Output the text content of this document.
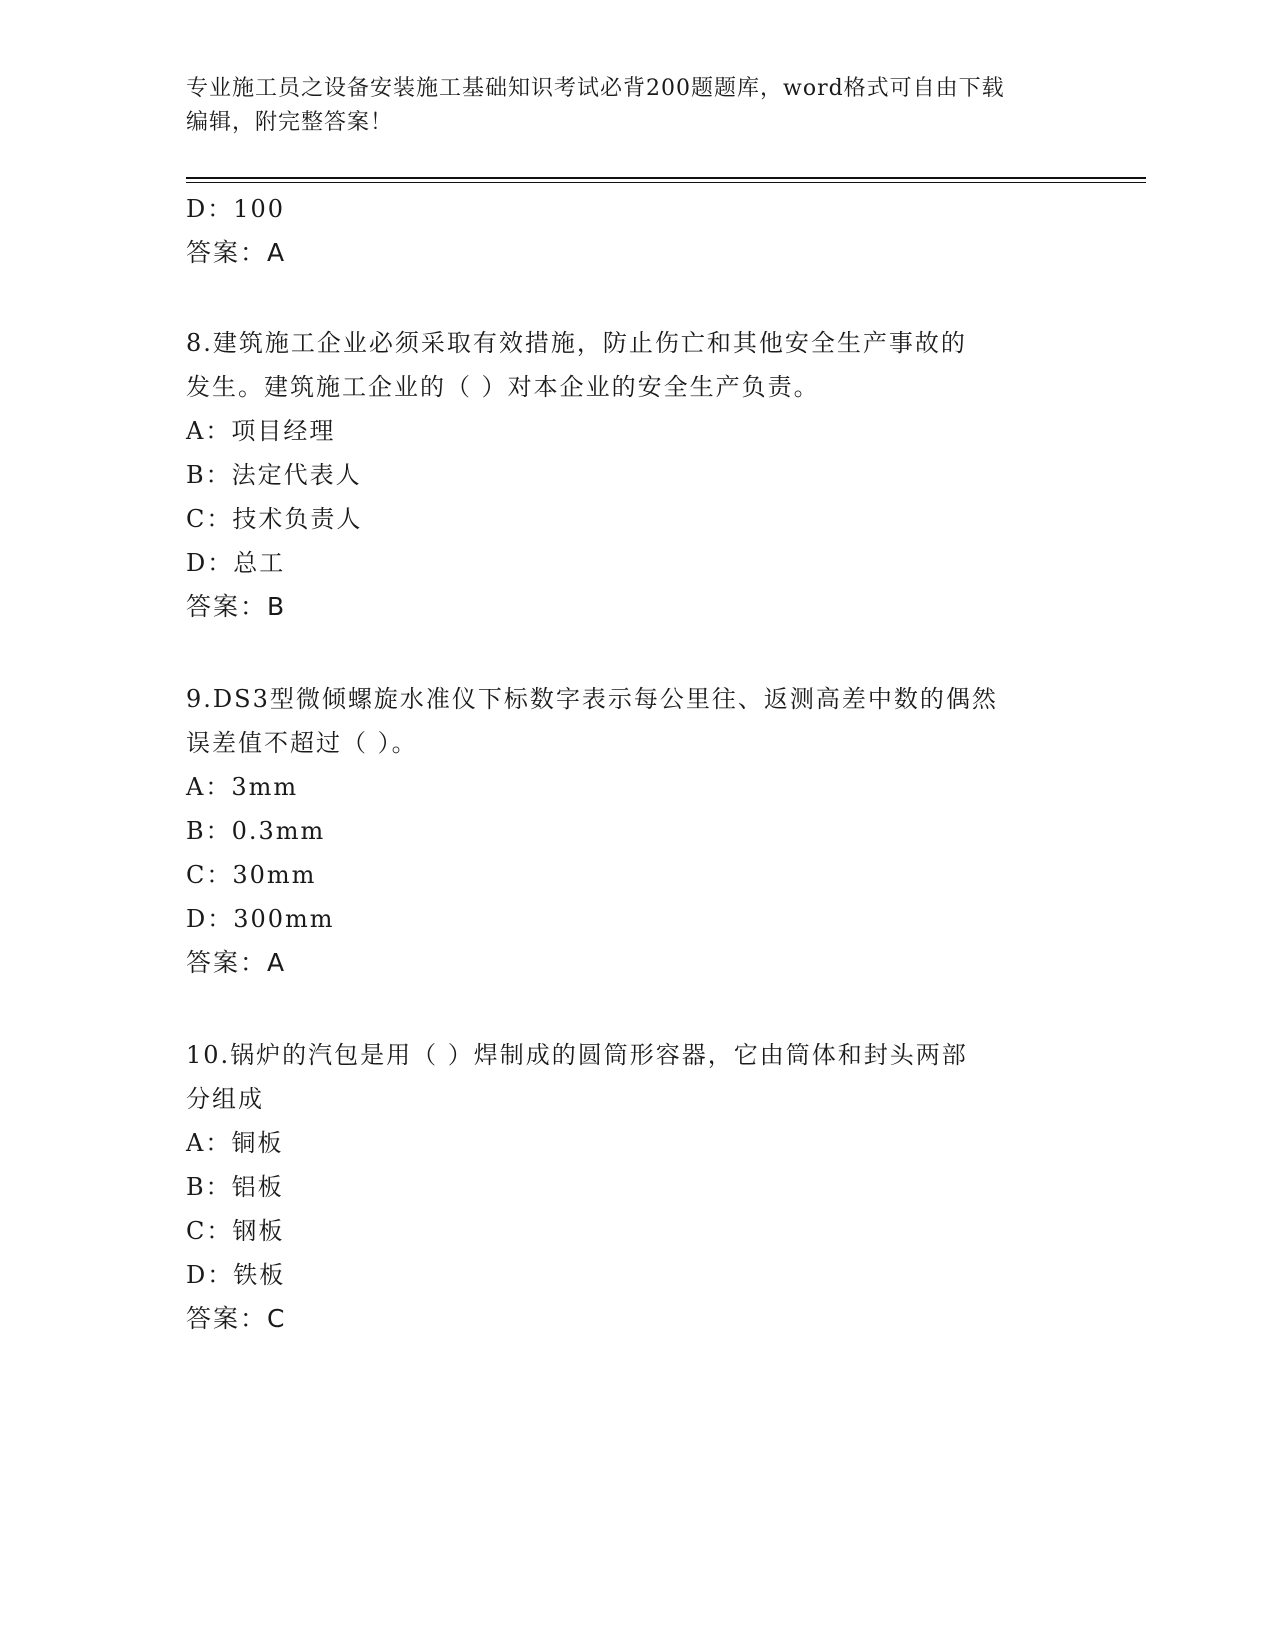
专业施工员之设备安装施工基础知识考试必背200题题库，word格式可自由下载
编辑，附完整答案！
D：100
答案：A
8.建筑施工企业必须采取有效措施，防止伤亡和其他安全生产事故的
发生。建筑施工企业的（ ）对本企业的安全生产负责。
A：项目经理
B：法定代表人
C：技术负责人
D：总工
答案：B
9.DS3型微倾螺旋水准仪下标数字表示每公里往、返测高差中数的偶然
误差值不超过（ ）。
A：3mm
B：0.3mm
C：30mm
D：300mm
答案：A
10.锅炉的汽包是用（ ）焊制成的圆筒形容器，它由筒体和封头两部
分组成
A：铜板
B：铝板
C：钢板
D：铁板
答案：C
